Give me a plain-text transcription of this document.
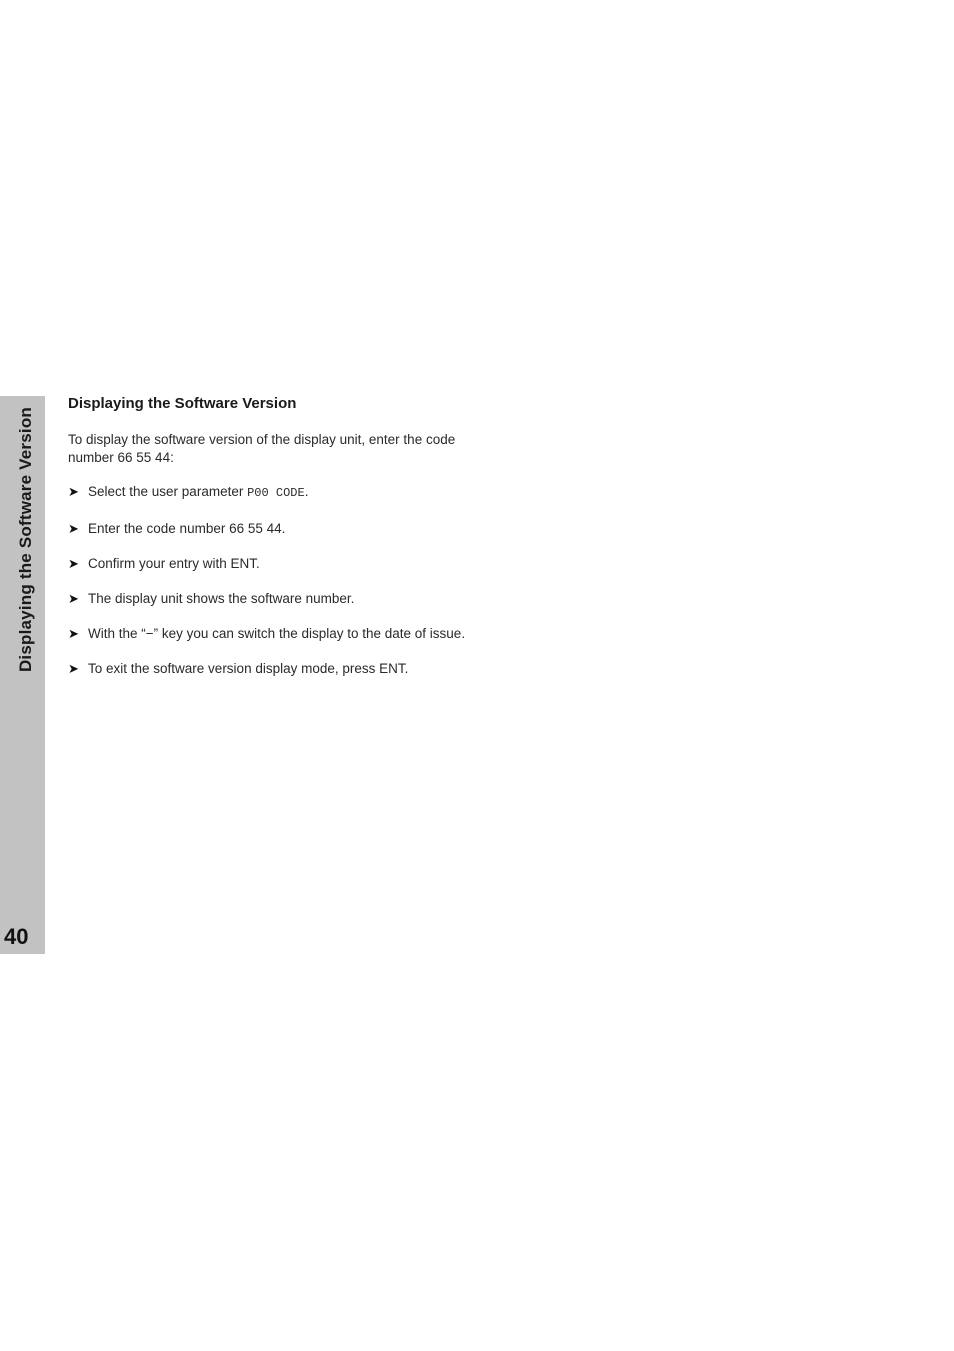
Displaying the Software Version
40
Displaying the Software Version

To display the software version of the display unit, enter the code number 66 55 44:

➤ Select the user parameter P00 CODE.
➤ Enter the code number 66 55 44.
➤ Confirm your entry with ENT.
➤ The display unit shows the software number.
➤ With the “−” key you can switch the display to the date of issue.
➤ To exit the software version display mode, press ENT.
